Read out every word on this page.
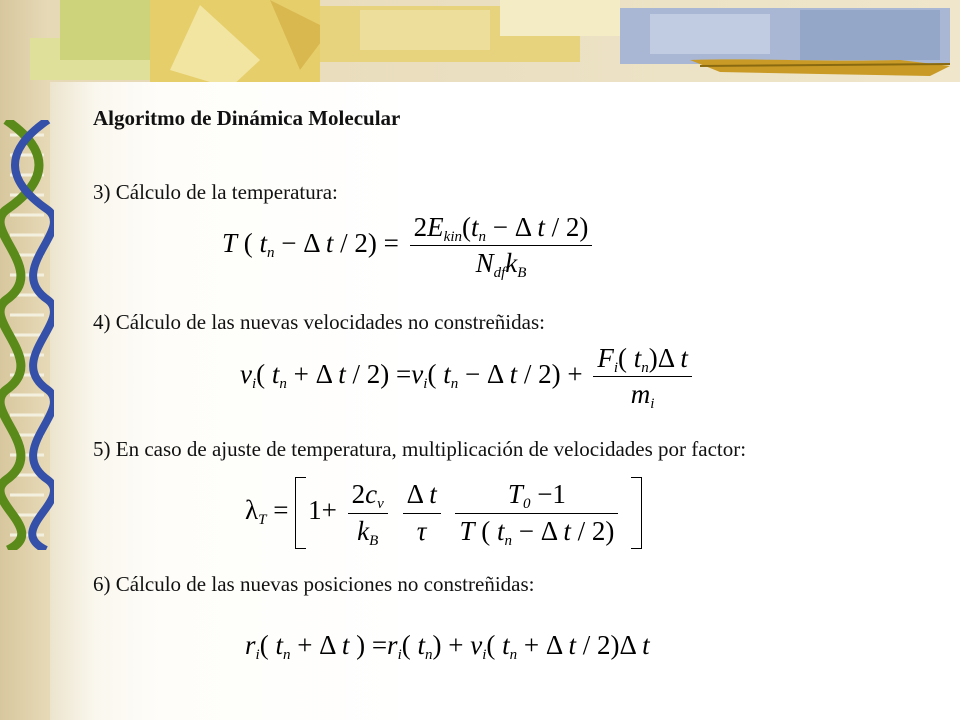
Algoritmo de Dinámica Molecular
3) Cálculo de la temperatura:
T ( tn − Δ $t / 2) = \frac{\text{2Ekin(tn − Δ t / 2)}}{\text{NdfkB}}$
4) Cálculo de las nuevas velocidades no constreñidas:
vi( tn + Δ t / 2) =vi( tn − Δ $t / 2) + \frac{\text{Fi( tn)Δ t}}{mi}$
5) En caso de ajuste de temperatura, multiplicación de velocidades por factor:
$\lambda T = 1+ \frac{2cv}{kB}$
$\frac{\text{Δ t}}{\tau}$
$\frac{T0 -1}{\text{T ( tn − Δ t / 2)}}$

6) Cálculo de las nuevas posiciones no constreñidas:
ri( tn + Δ t ) =ri( tn) + vi( tn + Δ t / 2)Δ t
